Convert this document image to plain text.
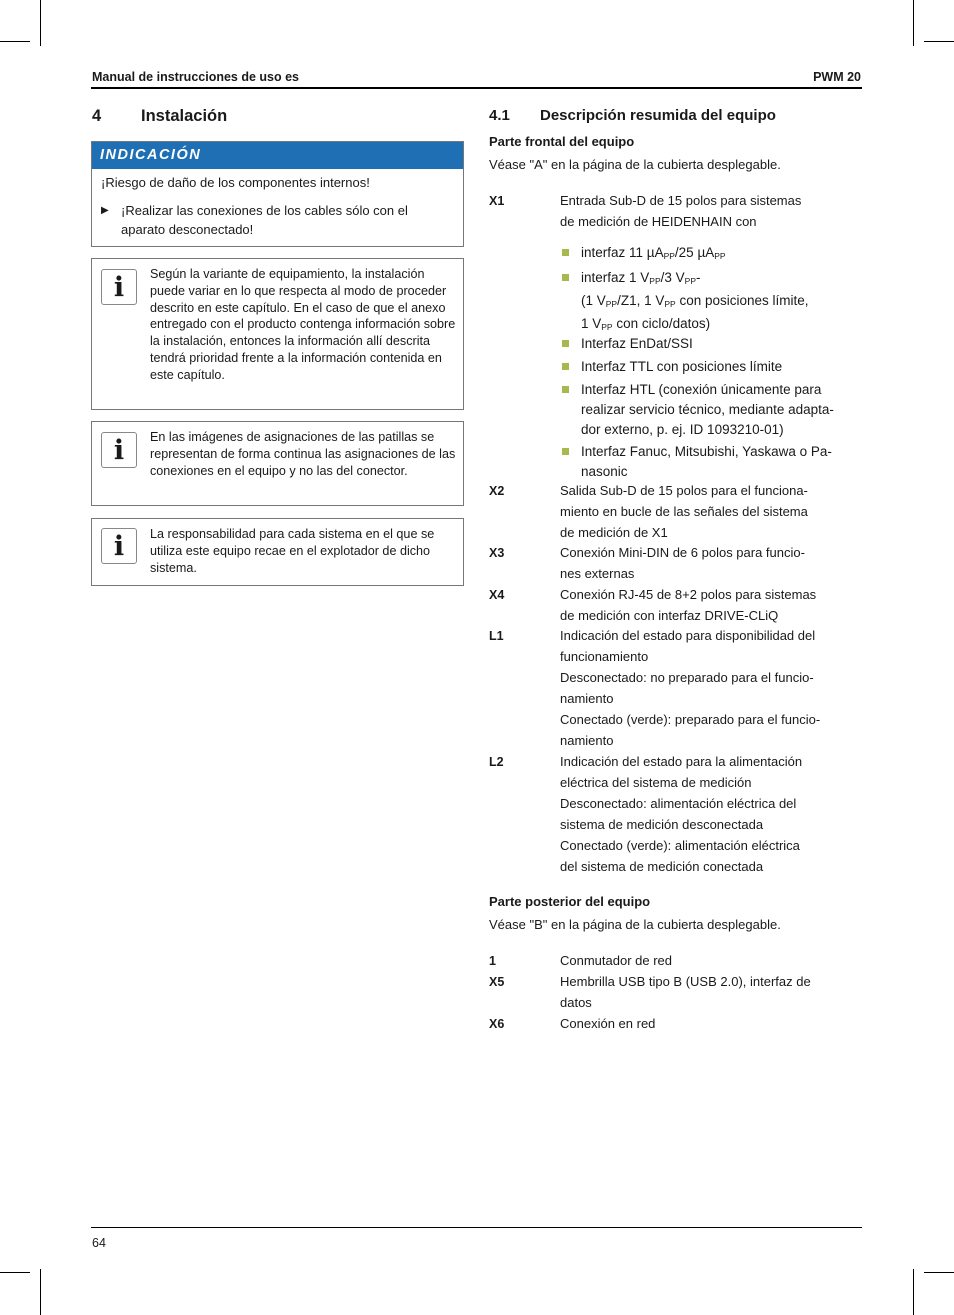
Manual de instrucciones de uso es	PWM 20
4 Instalación
INDICACIÓN
¡Riesgo de daño de los componentes internos!
▶ ¡Realizar las conexiones de los cables sólo con el aparato desconectado!
i	Según la variante de equipamiento, la instalación puede variar en lo que respecta al modo de proceder descrito en este capítulo. En el caso de que el anexo entregado con el producto contenga información sobre la instalación, entonces la información allí descrita tendrá prioridad frente a la información contenida en este capítulo.
i	En las imágenes de asignaciones de las patillas se representan de forma continua las asignaciones de las conexiones en el equipo y no las del conector.
i	La responsabilidad para cada sistema en el que se utiliza este equipo recae en el explotador de dicho sistema.
4.1 Descripción resumida del equipo
Parte frontal del equipo
Véase "A" en la página de la cubierta desplegable.
X1	Entrada Sub-D de 15 polos para sistemas
de medición de HEIDENHAIN con
interfaz 11 µA$_{PP}$/25 µA$_{PP}$
interfaz 1 $V_{PP}/3$ $V_{PP}-$
(1 $V_{PP}/Z1$, 1 $V_{PP}$ con posiciones límite,
1 $V_{PP}$ con ciclo/datos)
Interfaz EnDat/SSI
Interfaz TTL con posiciones límite
Interfaz HTL (conexión únicamente para
realizar servicio técnico, mediante adapta-
dor externo, p. ej. ID 1093210-01)
Interfaz Fanuc, Mitsubishi, Yaskawa o Pa-
nasonic
X2	Salida Sub-D de 15 polos para el funciona-
miento en bucle de las señales del sistema
de medición de X1
X3	Conexión Mini-DIN de 6 polos para funcio-
nes externas
X4	Conexión RJ-45 de 8+2 polos para sistemas
de medición con interfaz DRIVE-CLiQ
L1	Indicación del estado para disponibilidad del
funcionamiento
Desconectado: no preparado para el funcio-
namiento
Conectado (verde): preparado para el funcio-
namiento
L2	Indicación del estado para la alimentación
eléctrica del sistema de medición
Desconectado: alimentación eléctrica del
sistema de medición desconectada
Conectado (verde): alimentación eléctrica
del sistema de medición conectada
Parte posterior del equipo
Véase "B" en la página de la cubierta desplegable.
1	Conmutador de red
X5	Hembrilla USB tipo B (USB 2.0), interfaz de
datos
X6	Conexión en red
64
